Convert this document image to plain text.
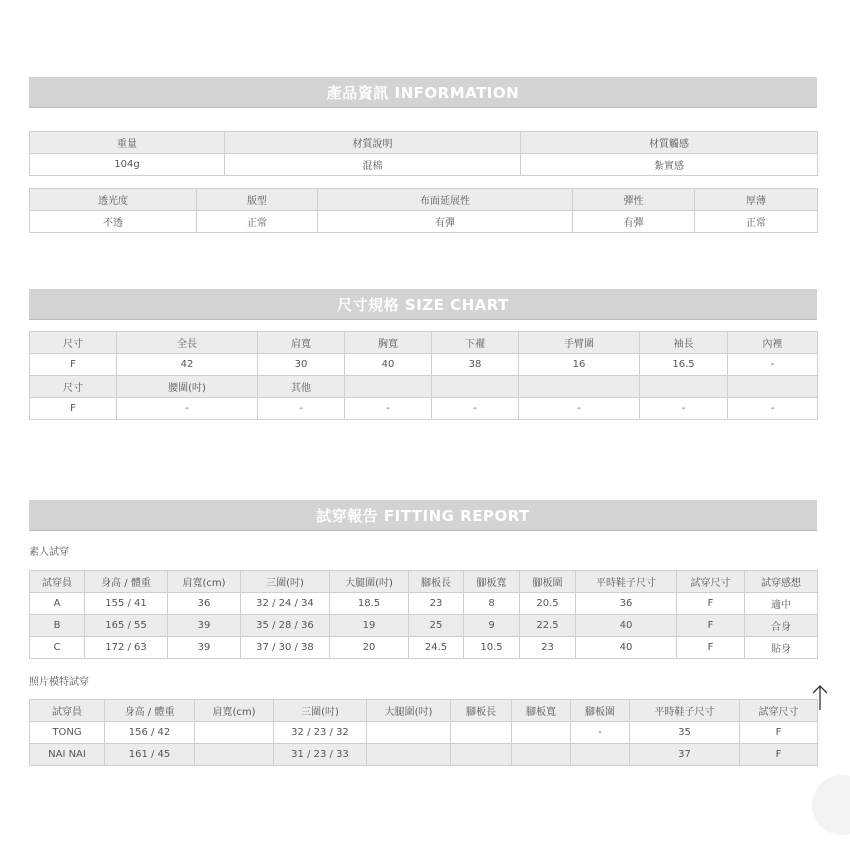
產品資訊 INFORMATION
重量	材質說明	材質觸感
104g	混棉	紮實感
透光度	版型	布面延展性	彈性	厚薄
不透	正常	有彈	有彈	正常
尺寸規格 SIZE CHART
尺寸	全長	肩寬	胸寬	下襬	手臂圍	袖長	內裡
F	42	30	40	38	16	16.5	-
尺寸	腰圍(吋)	其他					
F	-	-	-	-	-	-	-
試穿報告 FITTING REPORT
素人試穿
試穿員	身高 / 體重	肩寬(cm)	三圍(吋)	大腿圍(吋)	腳板長	腳板寬	腳板圍	平時鞋子尺寸	試穿尺寸	試穿感想
A	155 / 41	36	32 / 24 / 34	18.5	23	8	20.5	36	F	適中
B	165 / 55	39	35 / 28 / 36	19	25	9	22.5	40	F	合身
C	172 / 63	39	37 / 30 / 38	20	24.5	10.5	23	40	F	貼身
照片模特試穿
試穿員	身高 / 體重	肩寬(cm)	三圍(吋)	大腿圍(吋)	腳板長	腳板寬	腳板圍	平時鞋子尺寸	試穿尺寸
TONG	156 / 42		32 / 23 / 32				-	35	F
NAI NAI	161 / 45		31 / 23 / 33					37	F
